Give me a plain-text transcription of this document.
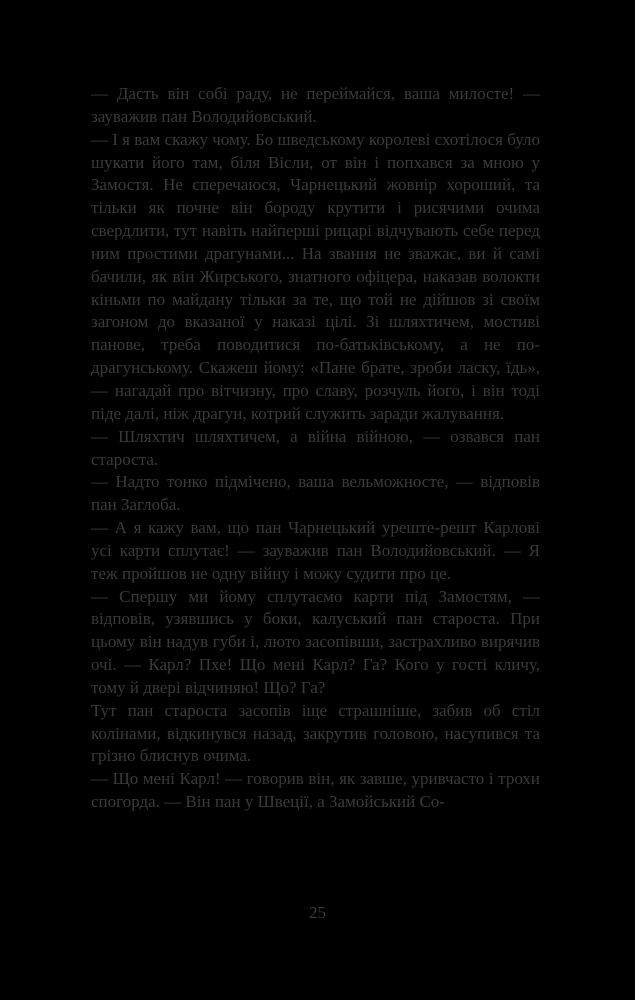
— Дасть він собі раду, не переймайся, ваша милосте! — зауважив пан Володийовський.

— І я вам скажу чому. Бо шведському королеві схотілося було шукати його там, біля Вісли, от він і попхався за мною у Замостя. Не сперечаюся, Чарнецький жовнір хороший, та тільки як почне він бороду крутити і рисячими очима свердлити, тут навіть найперші рицарі відчувають себе перед ним простими драгунами... На звання не зважає, ви й самі бачили, як він Жирського, знатного офіцера, наказав волокти кіньми по майдану тільки за те, що той не дійшов зі своїм загоном до вказаної у наказі цілі. Зі шляхтичем, мостиві панове, треба поводитися по-батьківському, а не по-драгунському. Скажеш йому: «Пане брате, зроби ласку, їдь», — нагадай про вітчизну, про славу, розчуль його, і він тоді піде далі, ніж драгун, котрий служить заради жалування.

— Шляхтич шляхтичем, а війна війною, — озвався пан староста.

— Надто тонко підмічено, ваша вельможносте, — відповів пан Заглоба.

— А я кажу вам, що пан Чарнецький уреште-решт Карлові усі карти сплутає! — зауважив пан Володийовський. — Я теж пройшов не одну війну і можу судити про це.

— Спершу ми йому сплутаємо карти під Замостям, — відповів, узявшись у боки, калуський пан староста. При цьому він надув губи і, люто засопівши, застрахливо вирячив очі. — Карл? Пхе! Що мені Карл? Га? Кого у гості кличу, тому й двері відчиняю! Що? Га?

Тут пан староста засопів іще страшніше, забив об стіл колінами, відкинувся назад, закрутив головою, насупився та грізно блиснув очима.

— Що мені Карл! — говорив він, як завше, уривчасто і трохи спогорда. — Він пан у Швеції, а Замойський Со-

25
